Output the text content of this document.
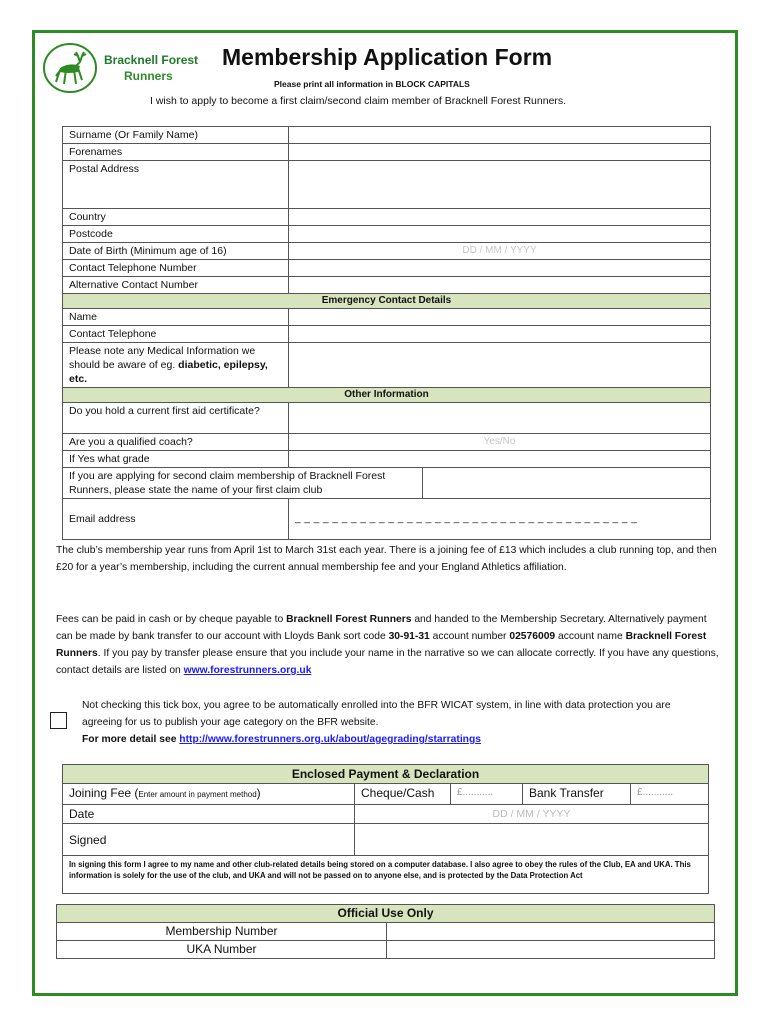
Bracknell Forest
Runners
Membership Application Form
Please print all information in BLOCK CAPITALS
I wish to apply to become a first claim/second claim member of Bracknell Forest Runners.
Surname (Or Family Name)		
Forenames		
Postal Address		
Country		
Postcode		
Date of Birth (Minimum age of 16)	DD / MM / YYYY	
Contact Telephone Number		
Alternative Contact Number		
Emergency Contact Details		
Name		
Contact Telephone		
Please note any Medical Information we should be aware of eg. diabetic, epilepsy, etc.		
Other Information		
Do you hold a current first aid certificate?		
Are you a qualified coach?	Yes/No	
If Yes what grade		
If you are applying for second claim membership of Bracknell Forest Runners, please state the name of your first claim club		
Email address	_ _ _ _ _ _ _ _ _ _ _ _ _ _ _ _ _ _ _ _ _ _ _ _ _ _ _ _ _ _ _ _ _ _ _ _ _	
The club’s membership year runs from April 1st to March 31st each year. There is a joining fee of £13 which includes a club running top, and then £20 for a year’s membership, including the current annual membership fee and your England Athletics affiliation.
Fees can be paid in cash or by cheque payable to Bracknell Forest Runners and handed to the Membership Secretary. Alternatively payment can be made by bank transfer to our account with Lloyds Bank sort code 30-91-31 account number 02576009 account name Bracknell Forest Runners. If you pay by transfer please ensure that you include your name in the narrative so we can allocate correctly. If you have any questions, contact details are listed on www.forestrunners.org.uk
Not checking this tick box, you agree to be automatically enrolled into the BFR WICAT system, in line with data protection you are agreeing for us to publish your age category on the BFR website.
For more detail see http://www.forestrunners.org.uk/about/agegrading/starratings
Enclosed Payment & Declaration				
Joining Fee (Enter amount in payment method)	Cheque/Cash	£...........	Bank Transfer	£...........
Date	DD / MM / YYYY			
Signed				
In signing this form I agree to my name and other club-related details being stored on a computer database. I also agree to obey the rules of the Club, EA and UKA. This information is solely for the use of the club, and UKA and will not be passed on to anyone else, and is protected by the Data Protection Act				
Official Use Only	
Membership Number	
UKA Number	
